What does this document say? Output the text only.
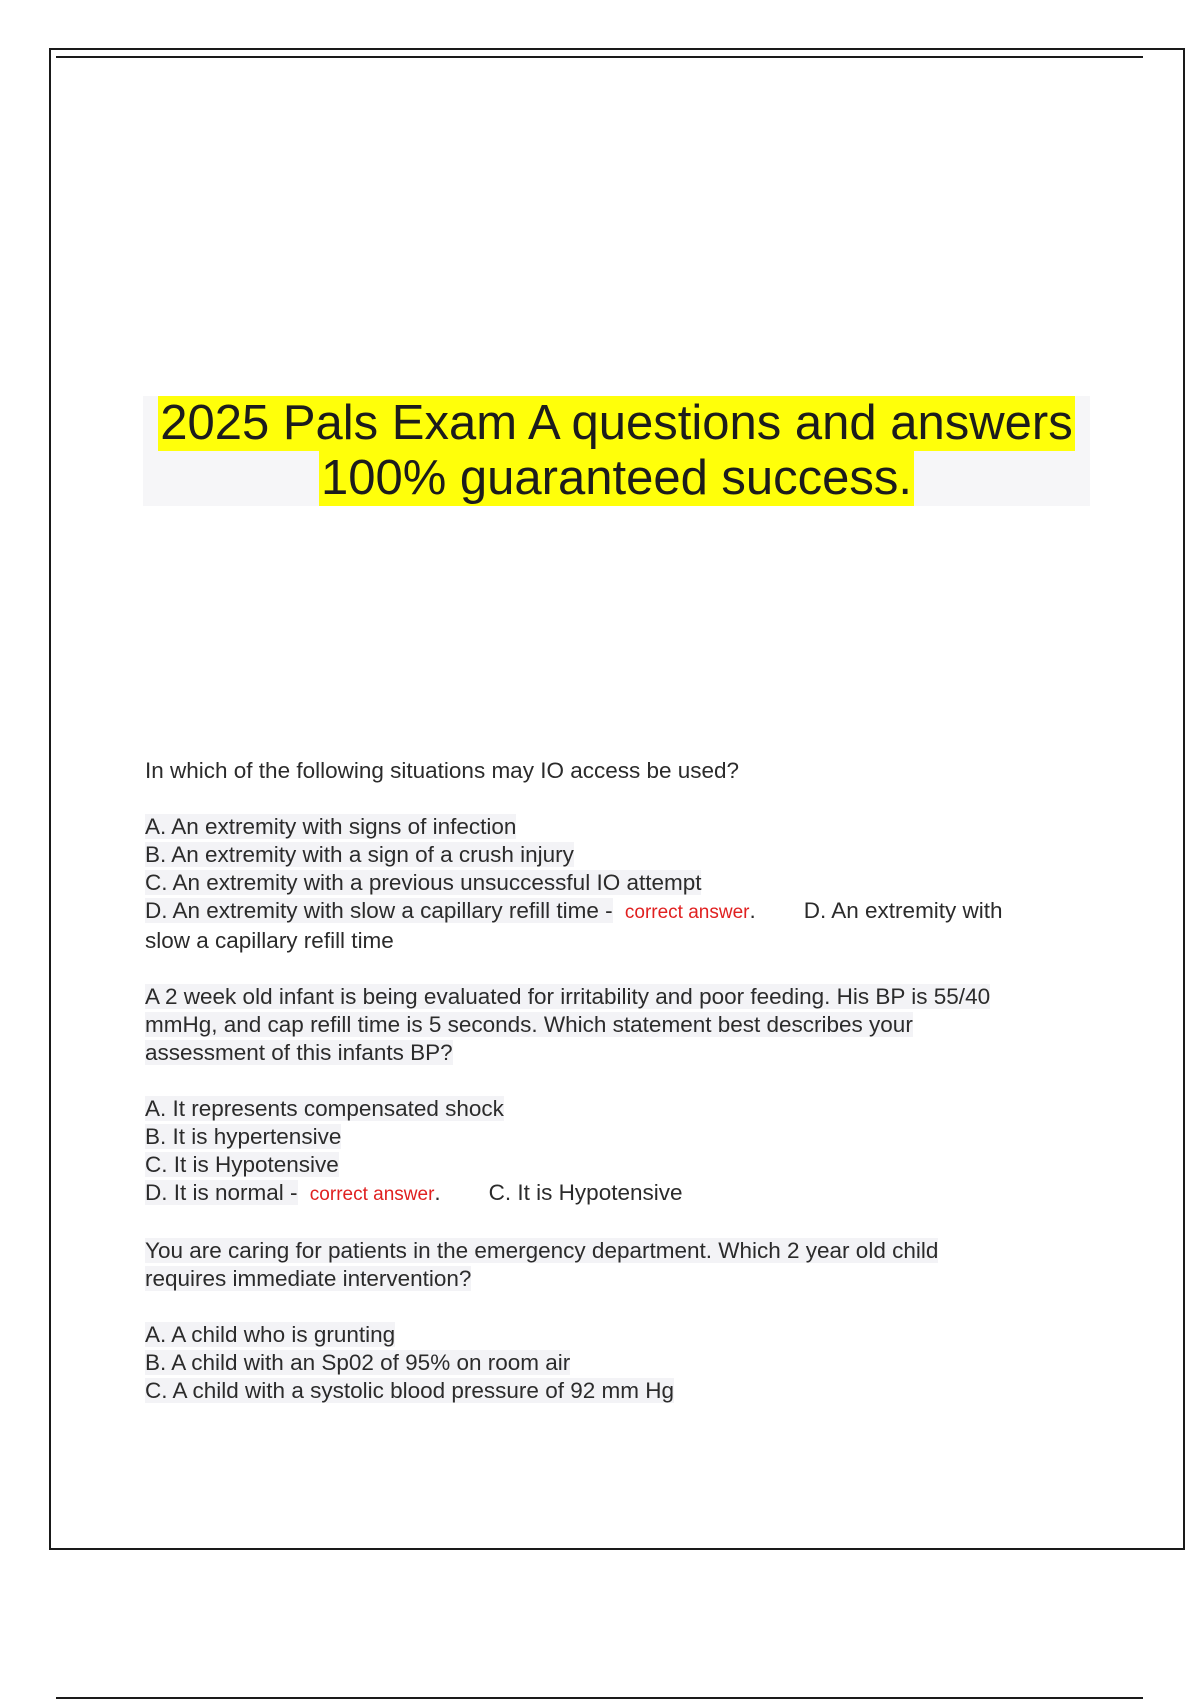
2025 Pals Exam A questions and answers
100% guaranteed success.
In which of the following situations may IO access be used?
A. An extremity with signs of infection
B. An extremity with a sign of a crush injury
C. An extremity with a previous unsuccessful IO attempt
D. An extremity with slow a capillary refill time - correct answer. D. An extremity with
slow a capillary refill time
A 2 week old infant is being evaluated for irritability and poor feeding. His BP is 55/40
mmHg, and cap refill time is 5 seconds. Which statement best describes your
assessment of this infants BP?
A. It represents compensated shock
B. It is hypertensive
C. It is Hypotensive
D. It is normal - correct answer. C. It is Hypotensive
You are caring for patients in the emergency department. Which 2 year old child
requires immediate intervention?
A. A child who is grunting
B. A child with an Sp02 of 95% on room air
C. A child with a systolic blood pressure of 92 mm Hg
